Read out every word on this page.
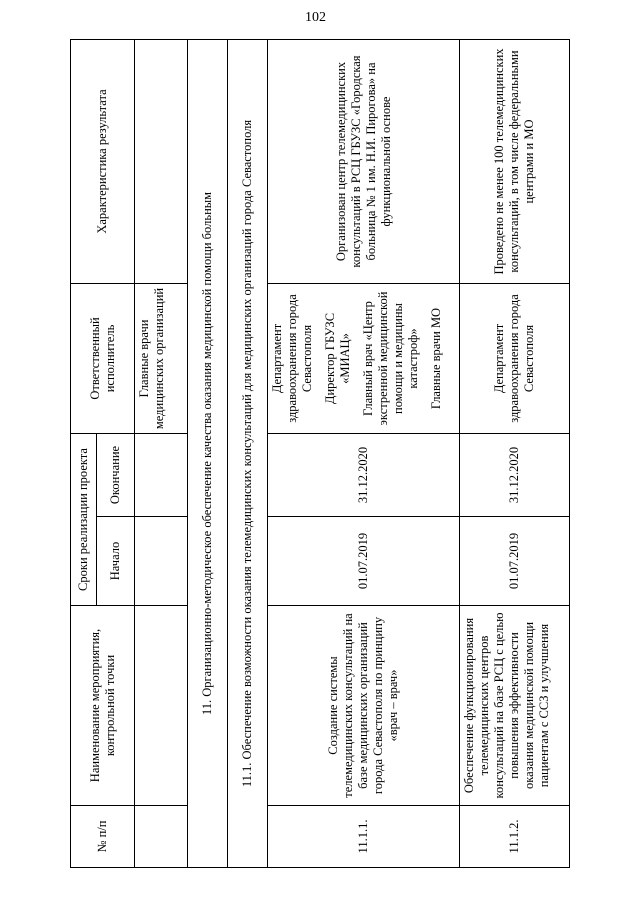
102
№ п/п	Наименование мероприятия, контрольной точки	Сроки реализации проекта		Ответственный исполнитель	Характеристика результата
		Начало	Окончание		
				Главные врачи медицинских организаций	
11. Организационно-методическое обеспечение качества оказания медицинской помощи больным					
11.1. Обеспечение возможности оказания телемедицинских консультаций для медицинских организаций города Севастополя					
11.1.1.	Создание системы телемедицинских консультаций на базе медицинских организаций города Севастополя по принципу «врач – врач»	01.07.2019	31.12.2020	Департамент здравоохранения города Севастополя Директор ГБУЗС «МИАЦ» Главный врач «Центр экстренной медицинской помощи и медицины катастроф» Главные врачи МО	Организован центр телемедицинских консультаций в РСЦ ГБУЗС «Городская больница № 1 им. Н.И. Пирогова» на функциональной основе
11.1.2.	Обеспечение функционирования телемедицинских центров консультаций на базе РСЦ с целью повышения эффективности оказания медицинской помощи пациентам с ССЗ и улучшения	01.07.2019	31.12.2020	Департамент здравоохранения города Севастополя	Проведено не менее 100 телемедицинских консультаций, в том числе федеральными центрами и МО
